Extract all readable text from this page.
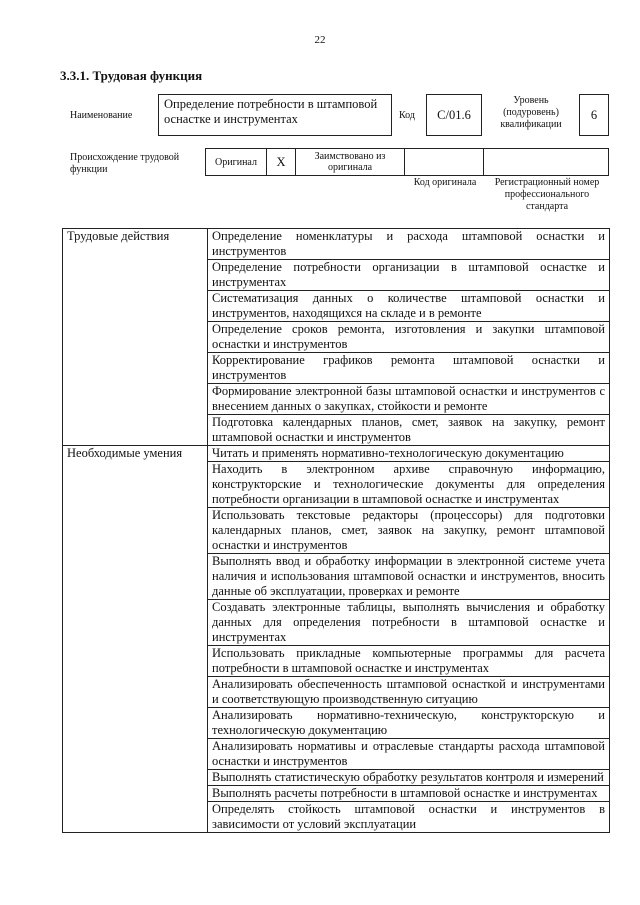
22
3.3.1. Трудовая функция
Наименование
Определение потребности в штамповой оснастке и инструментах	Код	C/01.6
Уровень (подуровень) квалификации
6
Происхождение трудовой функции
Оригинал	X	Заимствовано из оригинала
Код оригинала	Регистрационный номер профессионального стандарта
Трудовые действия	Определение номенклатуры и расхода штамповой оснастки и инструментов
	Определение потребности организации в штамповой оснастке и инструментах
	Систематизация данных о количестве штамповой оснастки и инструментов, находящихся на складе и в ремонте
	Определение сроков ремонта, изготовления и закупки штамповой оснастки и инструментов
	Корректирование графиков ремонта штамповой оснастки и инструментов
	Формирование электронной базы штамповой оснастки и инструментов с внесением данных о закупках, стойкости и ремонте
	Подготовка календарных планов, смет, заявок на закупку, ремонт штамповой оснастки и инструментов
Необходимые умения	Читать и применять нормативно-технологическую документацию
	Находить в электронном архиве справочную информацию, конструкторские и технологические документы для определения потребности организации в штамповой оснастке и инструментах
	Использовать текстовые редакторы (процессоры) для подготовки календарных планов, смет, заявок на закупку, ремонт штамповой оснастки и инструментов
	Выполнять ввод и обработку информации в электронной системе учета наличия и использования штамповой оснастки и инструментов, вносить данные об эксплуатации, проверках и ремонте
	Создавать электронные таблицы, выполнять вычисления и обработку данных для определения потребности в штамповой оснастке и инструментах
	Использовать прикладные компьютерные программы для расчета потребности в штамповой оснастке и инструментах
	Анализировать обеспеченность штамповой оснасткой и инструментами и соответствующую производственную ситуацию
	Анализировать нормативно-техническую, конструкторскую и технологическую документацию
	Анализировать нормативы и отраслевые стандарты расхода штамповой оснастки и инструментов
	Выполнять статистическую обработку результатов контроля и измерений
	Выполнять расчеты потребности в штамповой оснастке и инструментах
	Определять стойкость штамповой оснастки и инструментов в зависимости от условий эксплуатации
